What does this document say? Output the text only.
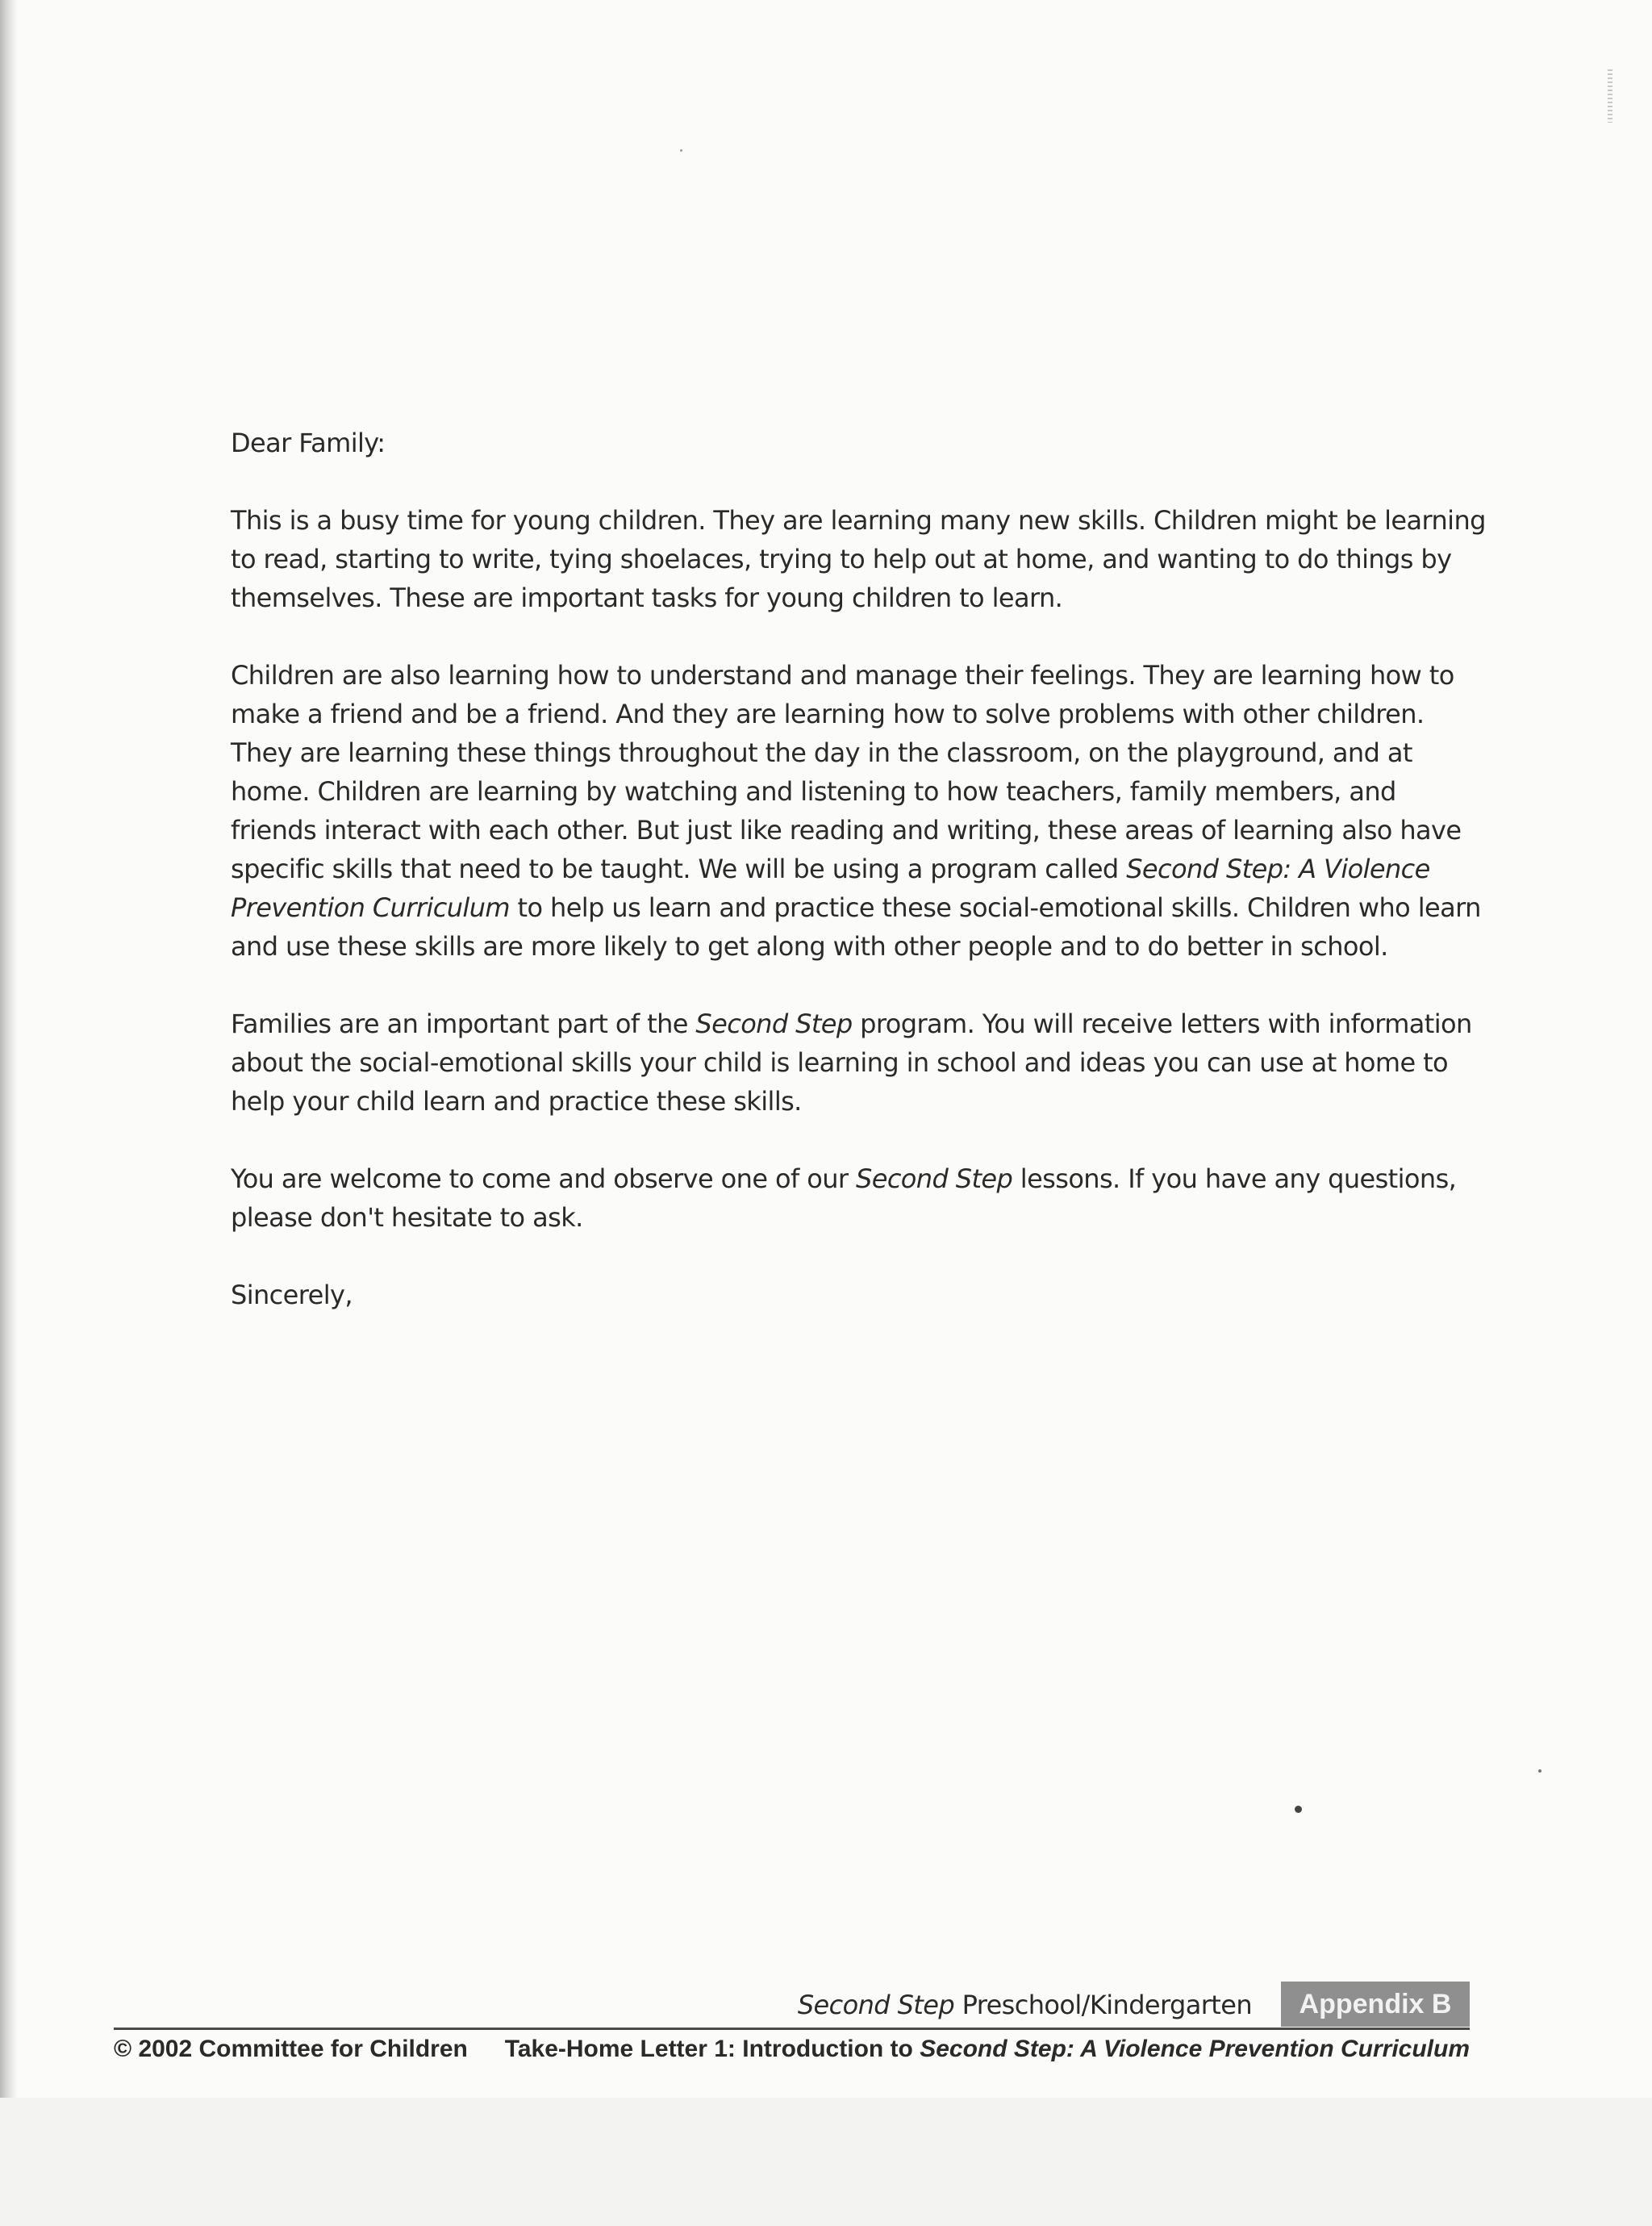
Dear Family:

This is a busy time for young children. They are learning many new skills. Children might be learning to read, starting to write, tying shoelaces, trying to help out at home, and wanting to do things by themselves. These are important tasks for young children to learn.

Children are also learning how to understand and manage their feelings. They are learning how to make a friend and be a friend. And they are learning how to solve problems with other children. They are learning these things throughout the day in the classroom, on the playground, and at home. Children are learning by watching and listening to how teachers, family members, and friends interact with each other. But just like reading and writing, these areas of learning also have specific skills that need to be taught. We will be using a program called Second Step: A Violence Prevention Curriculum to help us learn and practice these social-emotional skills. Children who learn and use these skills are more likely to get along with other people and to do better in school.

Families are an important part of the Second Step program. You will receive letters with information about the social-emotional skills your child is learning in school and ideas you can use at home to help your child learn and practice these skills.

You are welcome to come and observe one of our Second Step lessons. If you have any questions, please don't hesitate to ask.

Sincerely,

Second Step Preschool/Kindergarten	Appendix B
© 2002 Committee for Children Take-Home Letter 1: Introduction to Second Step: A Violence Prevention Curriculum
